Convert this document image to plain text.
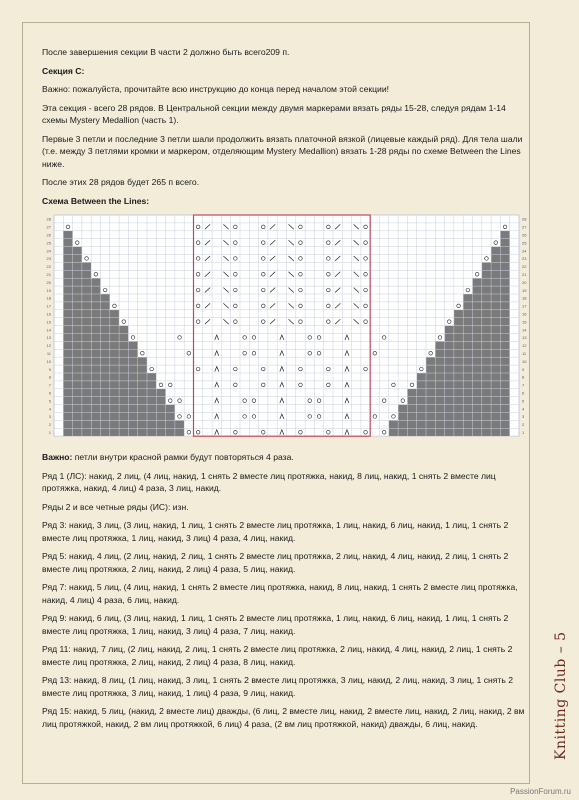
После завершения секции В части 2 должно быть всего209 п.

Секция С:

Важно: пожалуйста, прочитайте всю инструкцию до конца перед началом этой секции!

Эта секция - всего 28 рядов. В Центральной секции между двумя маркерами вязать ряды 15-28, следуя рядам 1-14 схемы Mystery Medallion (часть 1).

Первые 3 петли и последние 3 петли шали продолжить вязать платочной вязкой (лицевые каждый ряд). Для тела шали (т.е. между 3 петлями кромки и маркером, отделяющим Mystery Medallion) вязать 1-28 ряды по схеме Between the Lines ниже.

После этих 28 рядов будет 265 п всего.

Схема Between the Lines:

1	1
2	2
3	3
4	4
5	5
6	6
7	7
8	8
9	9
10	10
11	11
12	12
13	13
14	14
15	15
16	16
17	17
18	18
19	19
20	20
21	21
22	22
23	23
24	24
25	25
26	26
27	27
28	28

Важно: петли внутри красной рамки будут повторяться 4 раза.

Ряд 1 (ЛС): накид, 2 лиц, (4 лиц, накид, 1 снять 2 вместе лиц протяжка, накид, 8 лиц, накид, 1 снять 2 вместе лиц протяжка, накид, 4 лиц) 4 раза, 3 лиц, накид.

Ряды 2 и все четные ряды (ИС): изн.

Ряд 3: накид, 3 лиц, (3 лиц, накид, 1 лиц, 1 снять 2 вместе лиц протяжка, 1 лиц, накид, 6 лиц, накид, 1 лиц, 1 снять 2 вместе лиц протяжка, 1 лиц, накид, 3 лиц) 4 раза, 4 лиц, накид.

Ряд 5: накид, 4 лиц, (2 лиц, накид, 2 лиц, 1 снять 2 вместе лиц протяжка, 2 лиц, накид, 4 лиц, накид, 2 лиц, 1 снять 2 вместе лиц протяжка, 2 лиц, накид, 2 лиц) 4 раза, 5 лиц, накид.

Ряд 7: накид, 5 лиц, (4 лиц, накид, 1 снять 2 вместе лиц протяжка, накид, 8 лиц, накид, 1 снять 2 вместе лиц протяжка, накид, 4 лиц) 4 раза, 6 лиц, накид.

Ряд 9: накид, 6 лиц, (3 лиц, накид, 1 лиц, 1 снять 2 вместе лиц протяжка, 1 лиц, накид, 6 лиц, накид, 1 лиц, 1 снять 2 вместе лиц протяжка, 1 лиц, накид, 3 лиц) 4 раза, 7 лиц, накид.

Ряд 11: накид, 7 лиц, (2 лиц, накид, 2 лиц, 1 снять 2 вместе лиц протяжка, 2 лиц, накид, 4 лиц, накид, 2 лиц, 1 снять 2 вместе лиц протяжка, 2 лиц, накид, 2 лиц) 4 раза, 8 лиц, накид.

Ряд 13: накид, 8 лиц, (1 лиц, накид, 3 лиц, 1 снять 2 вместе лиц протяжка, 3 лиц, накид, 2 лиц, накид, 3 лиц, 1 снять 2 вместе лиц протяжка, 3 лиц, накид, 1 лиц) 4 раза, 9 лиц, накид.

Ряд 15: накид, 5 лиц, (накид, 2 вместе лиц) дважды, (6 лиц, 2 вместе лиц, накид, 2 вместе лиц, накид, 2 лиц, накид, 2 вм лиц протяжкой, накид, 2 вм лиц протяжкой, 6 лиц) 4 раза, (2 вм лиц протяжкой, накид) дважды, 6 лиц, накид.	Knitting Club – 5
PassionForum.ru
